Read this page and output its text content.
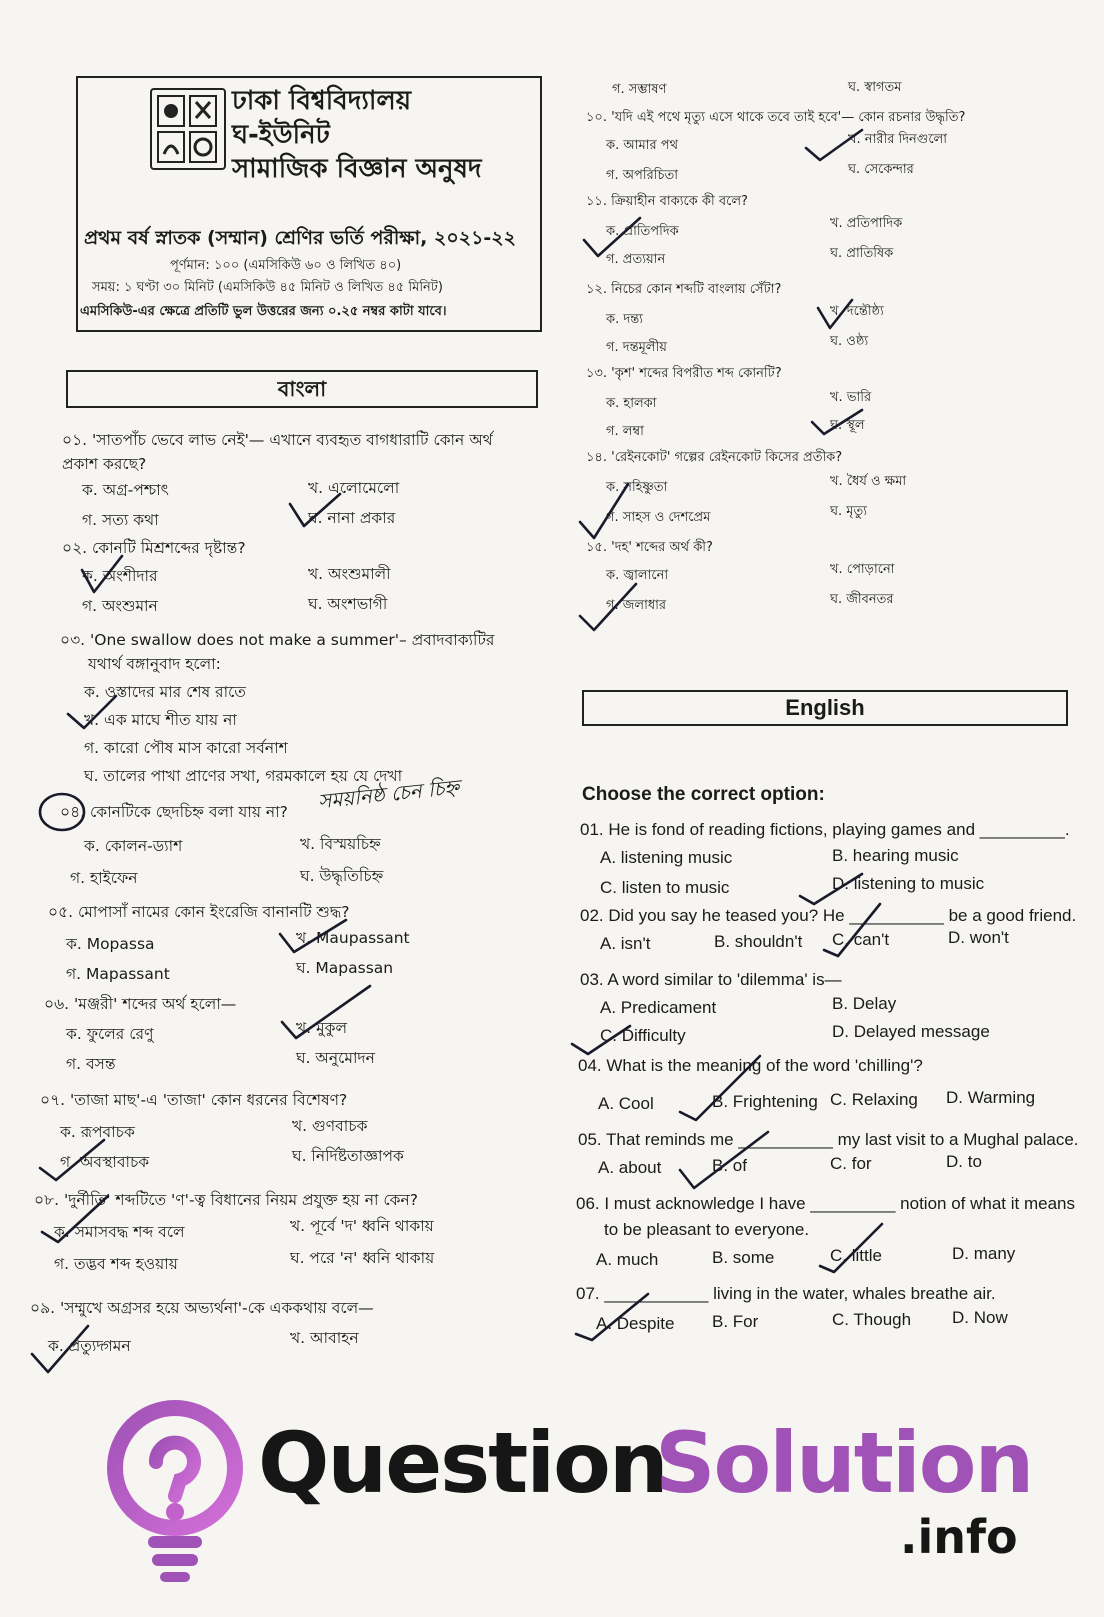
ঢাকা বিশ্ববিদ্যালয়
ঘ-ইউনিট
সামাজিক বিজ্ঞান অনুষদ
প্রথম বর্ষ স্নাতক (সম্মান) শ্রেণির ভর্তি পরীক্ষা, ২০২১-২২
পূর্ণমান: ১০০ (এমসিকিউ ৬০ ও লিখিত ৪০)
সময়: ১ ঘণ্টা ৩০ মিনিট (এমসিকিউ ৪৫ মিনিট ও লিখিত ৪৫ মিনিট)
এমসিকিউ-এর ক্ষেত্রে প্রতিটি ভুল উত্তরের জন্য ০.২৫ নম্বর কাটা যাবে।
বাংলা
০১. 'সাতপাঁচ ভেবে লাভ নেই'— এখানে ব্যবহৃত বাগধারাটি কোন অর্থ
প্রকাশ করছে?
ক. অগ্র-পশ্চাৎ	খ. এলোমেলো
গ. সত্য কথা	ঘ. নানা প্রকার
০২. কোনটি মিশ্রশব্দের দৃষ্টান্ত?
ক. অংশীদার	খ. অংশুমালী
গ. অংশুমান	ঘ. অংশভাগী
০৩. 'One swallow does not make a summer'– প্রবাদবাক্যটির
যথার্থ বঙ্গানুবাদ হলো:
ক. ওস্তাদের মার শেষ রাতে
খ. এক মাঘে শীত যায় না
গ. কারো পৌষ মাস কারো সর্বনাশ
ঘ. তালের পাখা প্রাণের সখা, গরমকালে হয় যে দেখা
০৪. কোনটিকে ছেদচিহ্ন বলা যায় না? সময়নিষ্ঠ চেন চিহ্ন
ক. কোলন-ড্যাশ	খ. বিস্ময়চিহ্ন
গ. হাইফেন	ঘ. উদ্ধৃতিচিহ্ন
০৫. মোপাসাঁ নামের কোন ইংরেজি বানানটি শুদ্ধ?
ক. Mopassa	খ. Maupassant
গ. Mapassant	ঘ. Mapassan
০৬. 'মঞ্জরী' শব্দের অর্থ হলো—
ক. ফুলের রেণু	খ. মুকুল
গ. বসন্ত	ঘ. অনুমোদন
০৭. 'তাজা মাছ'-এ 'তাজা' কোন ধরনের বিশেষণ?
ক. রূপবাচক	খ. গুণবাচক
গ. অবস্থাবাচক	ঘ. নির্দিষ্টতাজ্ঞাপক
০৮. 'দুর্নীতি' শব্দটিতে 'ণ'-ত্ব বিধানের নিয়ম প্রযুক্ত হয় না কেন?
ক. সমাসবদ্ধ শব্দ বলে	খ. পূর্বে 'দ' ধ্বনি থাকায়
গ. তদ্ভব শব্দ হওয়ায়	ঘ. পরে 'ন' ধ্বনি থাকায়
০৯. 'সম্মুখে অগ্রসর হয়ে অভ্যর্থনা'-কে এককথায় বলে—
ক. প্রত্যুদ্গমন	খ. আবাহন
গ. সম্ভাষণ	ঘ. স্বাগতম
১০. 'যদি এই পথে মৃত্যু এসে থাকে তবে তাই হবে'— কোন রচনার উদ্ধৃতি?
ক. আমার পথ	খ. নারীর দিনগুলো
গ. অপরিচিতা	ঘ. সেকেন্দার
১১. ক্রিয়াহীন বাক্যকে কী বলে?
ক. প্রাতিপদিক
খ. প্রতিপাদিক
গ. প্রত্যয়ান	ঘ. প্রাতিষিক
১২. নিচের কোন শব্দটি বাংলায় সেঁটা?
ক. দন্ত্য
খ. দন্তৌষ্ঠ্য
গ. দন্তমূলীয়	ঘ. ওষ্ঠ্য
১৩. 'কৃশ' শব্দের বিপরীত শব্দ কোনটি?
ক. হালকা	খ. ভারি
গ. লম্বা	ঘ. স্থূল
১৪. 'রেইনকোট' গল্পের রেইনকোট কিসের প্রতীক?
ক. সহিষ্ণুতা	খ. ধৈর্য ও ক্ষমা
গ. সাহস ও দেশপ্রেম	ঘ. মৃত্যু
১৫. 'দহ' শব্দের অর্থ কী?
ক. জ্বালানো	খ. পোড়ানো
গ. জলাধার	ঘ. জীবনতর
English
Choose the correct option:
01. He is fond of reading fictions, playing games and _________.
A. listening music	B. hearing music
C. listen to music	D. listening to music
02. Did you say he teased you? He __________ be a good friend.
A. isn't	B. shouldn't C. can't	D. won't
03. A word similar to 'dilemma' is—
A. Predicament	B. Delay
C. Difficulty	D. Delayed message
04. What is the meaning of the word 'chilling'?
A. Cool	B. Frightening C. Relaxing D. Warming
05. That reminds me __________ my last visit to a Mughal palace.
A. about	B. of	C. for	D. to
06. I must acknowledge I have _________ notion of what it means
to be pleasant to everyone.
A. much	B. some	C. little	D. many
07. ___________ living in the water, whales breathe air.
A. Despite B. For	C. Though D. Now
Question
Solution
.info
